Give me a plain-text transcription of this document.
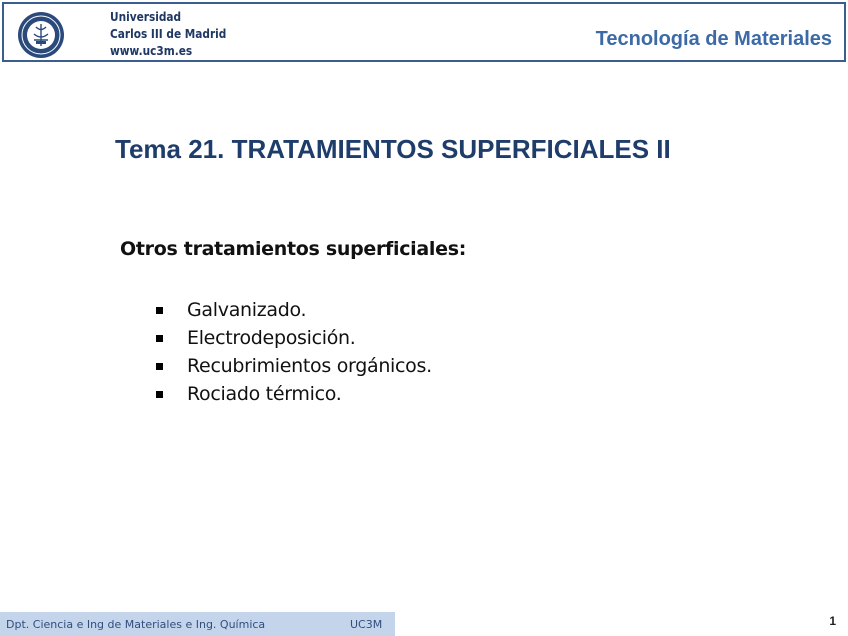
Universidad
Carlos III de Madrid
www.uc3m.es
Tecnología de Materiales
Tema 21. TRATAMIENTOS SUPERFICIALES II
Otros tratamientos superficiales:
Galvanizado.
Electrodeposición.
Recubrimientos orgánicos.
Rociado térmico.
Dpt. Ciencia e Ing de Materiales e Ing. Química	UC3M	1
